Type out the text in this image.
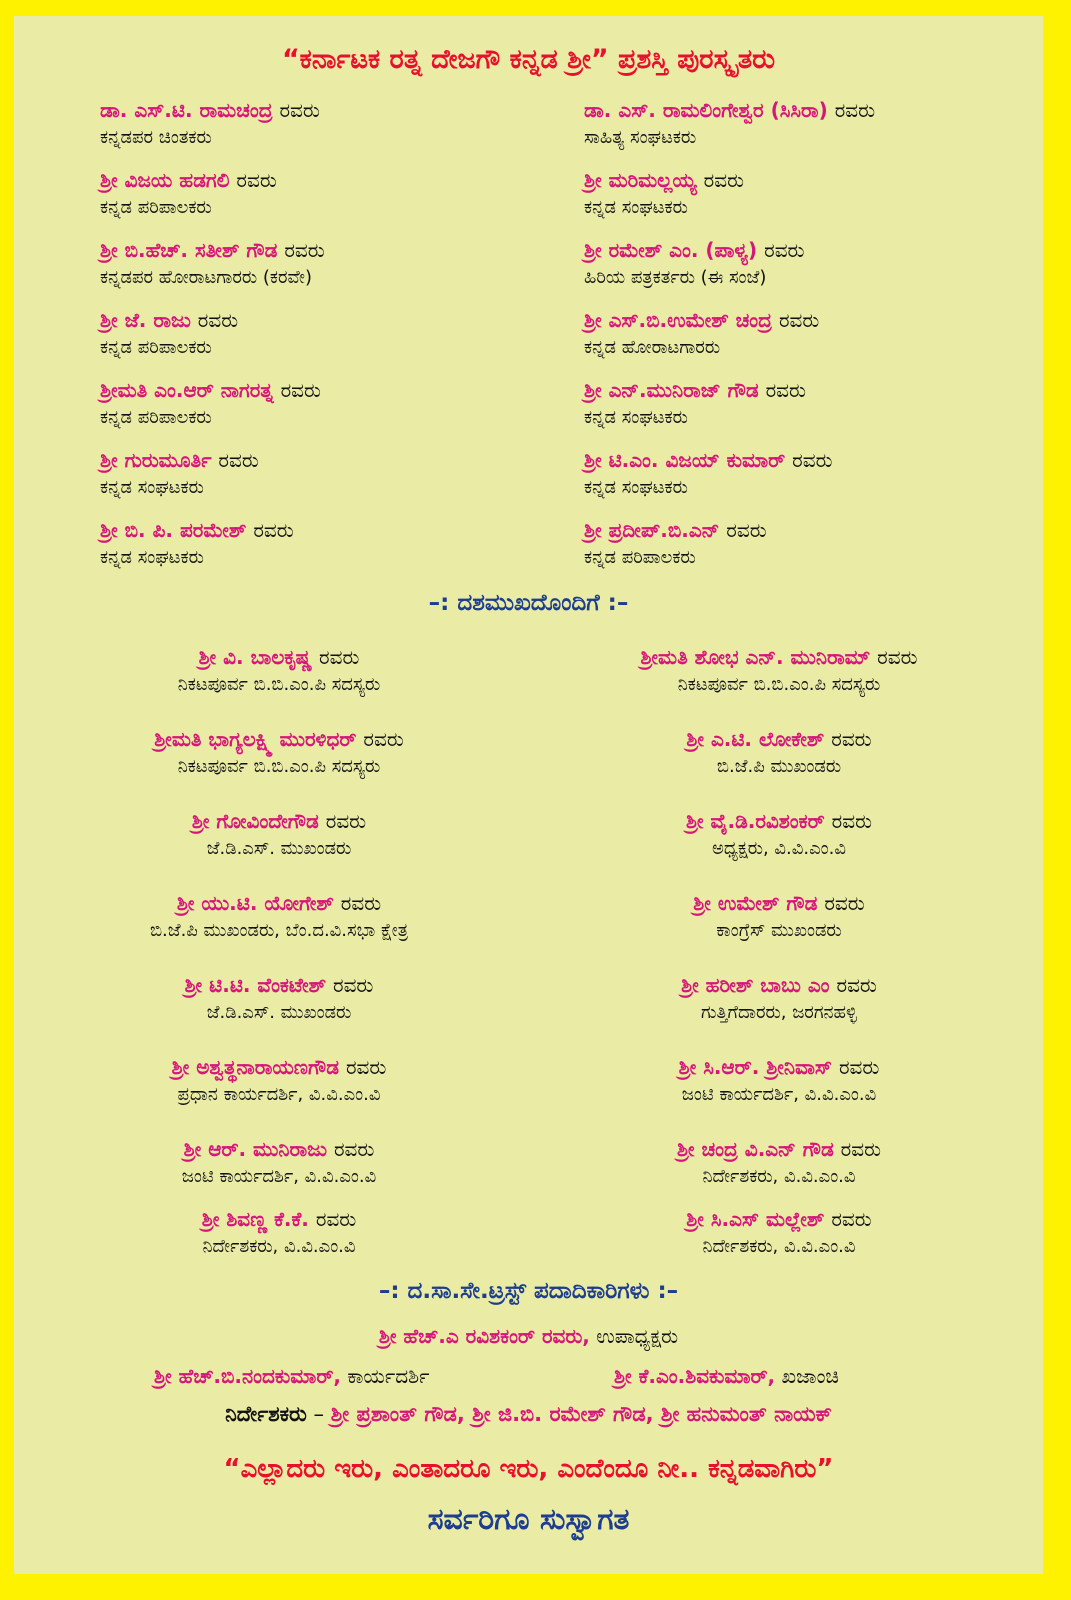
“ಕರ್ನಾಟಕ ರತ್ನ ದೇಜಗೌ ಕನ್ನಡ ಶ್ರೀ” ಪ್ರಶಸ್ತಿ ಪುರಸ್ಕೃತರು
ಡಾ. ಎಸ್.ಟಿ. ರಾಮಚಂದ್ರ ರವರು
ಕನ್ನಡಪರ ಚಿಂತಕರು
ಶ್ರೀ ವಿಜಯ ಹಡಗಲಿ ರವರು
ಕನ್ನಡ ಪರಿಪಾಲಕರು
ಶ್ರೀ ಬಿ.ಹೆಚ್. ಸತೀಶ್ ಗೌಡ ರವರು
ಕನ್ನಡಪರ ಹೋರಾಟಗಾರರು (ಕರವೇ)
ಶ್ರೀ ಜೆ. ರಾಜು ರವರು
ಕನ್ನಡ ಪರಿಪಾಲಕರು
ಶ್ರೀಮತಿ ಎಂ.ಆರ್ ನಾಗರತ್ನ ರವರು
ಕನ್ನಡ ಪರಿಪಾಲಕರು
ಶ್ರೀ ಗುರುಮೂರ್ತಿ ರವರು
ಕನ್ನಡ ಸಂಘಟಕರು
ಶ್ರೀ ಬಿ. ಪಿ. ಪರಮೇಶ್ ರವರು
ಕನ್ನಡ ಸಂಘಟಕರು
ಡಾ. ಎಸ್. ರಾಮಲಿಂಗೇಶ್ವರ (ಸಿಸಿರಾ) ರವರು
ಸಾಹಿತ್ಯ ಸಂಘಟಕರು
ಶ್ರೀ ಮರಿಮಲ್ಲಯ್ಯ ರವರು
ಕನ್ನಡ ಸಂಘಟಕರು
ಶ್ರೀ ರಮೇಶ್ ಎಂ. (ಪಾಳ್ಯ) ರವರು
ಹಿರಿಯ ಪತ್ರಕರ್ತರು (ಈ ಸಂಜೆ)
ಶ್ರೀ ಎಸ್.ಬಿ.ಉಮೇಶ್ ಚಂದ್ರ ರವರು
ಕನ್ನಡ ಹೋರಾಟಗಾರರು
ಶ್ರೀ ಎನ್.ಮುನಿರಾಜ್ ಗೌಡ ರವರು
ಕನ್ನಡ ಸಂಘಟಕರು
ಶ್ರೀ ಟಿ.ಎಂ. ವಿಜಯ್ ಕುಮಾರ್ ರವರು
ಕನ್ನಡ ಸಂಘಟಕರು
ಶ್ರೀ ಪ್ರದೀಪ್.ಬಿ.ಎನ್ ರವರು
ಕನ್ನಡ ಪರಿಪಾಲಕರು
–: ದಶಮುಖದೊಂದಿಗೆ :–
ಶ್ರೀ ವಿ. ಬಾಲಕೃಷ್ಣ ರವರು
ನಿಕಟಪೂರ್ವ ಬಿ.ಬಿ.ಎಂ.ಪಿ ಸದಸ್ಯರು
ಶ್ರೀಮತಿ ಭಾಗ್ಯಲಕ್ಷ್ಮಿ ಮುರಳಿಧರ್ ರವರು
ನಿಕಟಪೂರ್ವ ಬಿ.ಬಿ.ಎಂ.ಪಿ ಸದಸ್ಯರು
ಶ್ರೀ ಗೋವಿಂದೇಗೌಡ ರವರು
ಜೆ.ಡಿ.ಎಸ್. ಮುಖಂಡರು
ಶ್ರೀ ಯು.ಟಿ. ಯೋಗೇಶ್ ರವರು
ಬಿ.ಜೆ.ಪಿ ಮುಖಂಡರು, ಬೆಂ.ದ.ವಿ.ಸಭಾ ಕ್ಷೇತ್ರ
ಶ್ರೀ ಟಿ.ಟಿ. ವೆಂಕಟೇಶ್ ರವರು
ಜೆ.ಡಿ.ಎಸ್. ಮುಖಂಡರು
ಶ್ರೀ ಅಶ್ವತ್ಥನಾರಾಯಣಗೌಡ ರವರು
ಪ್ರಧಾನ ಕಾರ್ಯದರ್ಶಿ, ವಿ.ವಿ.ಎಂ.ವಿ
ಶ್ರೀ ಆರ್. ಮುನಿರಾಜು ರವರು
ಜಂಟಿ ಕಾರ್ಯದರ್ಶಿ, ವಿ.ವಿ.ಎಂ.ವಿ
ಶ್ರೀ ಶಿವಣ್ಣ ಕೆ.ಕೆ. ರವರು
ನಿರ್ದೇಶಕರು, ವಿ.ವಿ.ಎಂ.ವಿ
ಶ್ರೀಮತಿ ಶೋಭ ಎನ್. ಮುನಿರಾಮ್ ರವರು
ನಿಕಟಪೂರ್ವ ಬಿ.ಬಿ.ಎಂ.ಪಿ ಸದಸ್ಯರು
ಶ್ರೀ ಎ.ಟಿ. ಲೋಕೇಶ್ ರವರು
ಬಿ.ಜೆ.ಪಿ ಮುಖಂಡರು
ಶ್ರೀ ವೈ.ಡಿ.ರವಿಶಂಕರ್ ರವರು
ಅಧ್ಯಕ್ಷರು, ವಿ.ವಿ.ಎಂ.ವಿ
ಶ್ರೀ ಉಮೇಶ್ ಗೌಡ ರವರು
ಕಾಂಗ್ರೆಸ್ ಮುಖಂಡರು
ಶ್ರೀ ಹರೀಶ್ ಬಾಬು ಎಂ ರವರು
ಗುತ್ತಿಗೆದಾರರು, ಜರಗನಹಳ್ಳಿ
ಶ್ರೀ ಸಿ.ಆರ್. ಶ್ರೀನಿವಾಸ್ ರವರು
ಜಂಟಿ ಕಾರ್ಯದರ್ಶಿ, ವಿ.ವಿ.ಎಂ.ವಿ
ಶ್ರೀ ಚಂದ್ರ ವಿ.ಎನ್ ಗೌಡ ರವರು
ನಿರ್ದೇಶಕರು, ವಿ.ವಿ.ಎಂ.ವಿ
ಶ್ರೀ ಸಿ.ಎಸ್ ಮಲ್ಲೇಶ್ ರವರು
ನಿರ್ದೇಶಕರು, ವಿ.ವಿ.ಎಂ.ವಿ
–: ದ.ಸಾ.ಸೇ.ಟ್ರಸ್ಟ್ ಪದಾದಿಕಾರಿಗಳು :–
ಶ್ರೀ ಹೆಚ್.ಎ ರವಿಶಕಂರ್ ರವರು, ಉಪಾಧ್ಯಕ್ಷರು
ಶ್ರೀ ಹೆಚ್.ಬಿ.ನಂದಕುಮಾರ್, ಕಾರ್ಯದರ್ಶಿ	ಶ್ರೀ ಕೆ.ಎಂ.ಶಿವಕುಮಾರ್, ಖಜಾಂಚಿ
ನಿರ್ದೇಶಕರು – ಶ್ರೀ ಪ್ರಶಾಂತ್ ಗೌಡ, ಶ್ರೀ ಜಿ.ಬಿ. ರಮೇಶ್ ಗೌಡ, ಶ್ರೀ ಹನುಮಂತ್ ನಾಯಕ್
“ಎಲ್ಲಾದರು ಇರು, ಎಂತಾದರೂ ಇರು, ಎಂದೆಂದೂ ನೀ.. ಕನ್ನಡವಾಗಿರು”
ಸರ್ವರಿಗೂ ಸುಸ್ವಾಗತ
